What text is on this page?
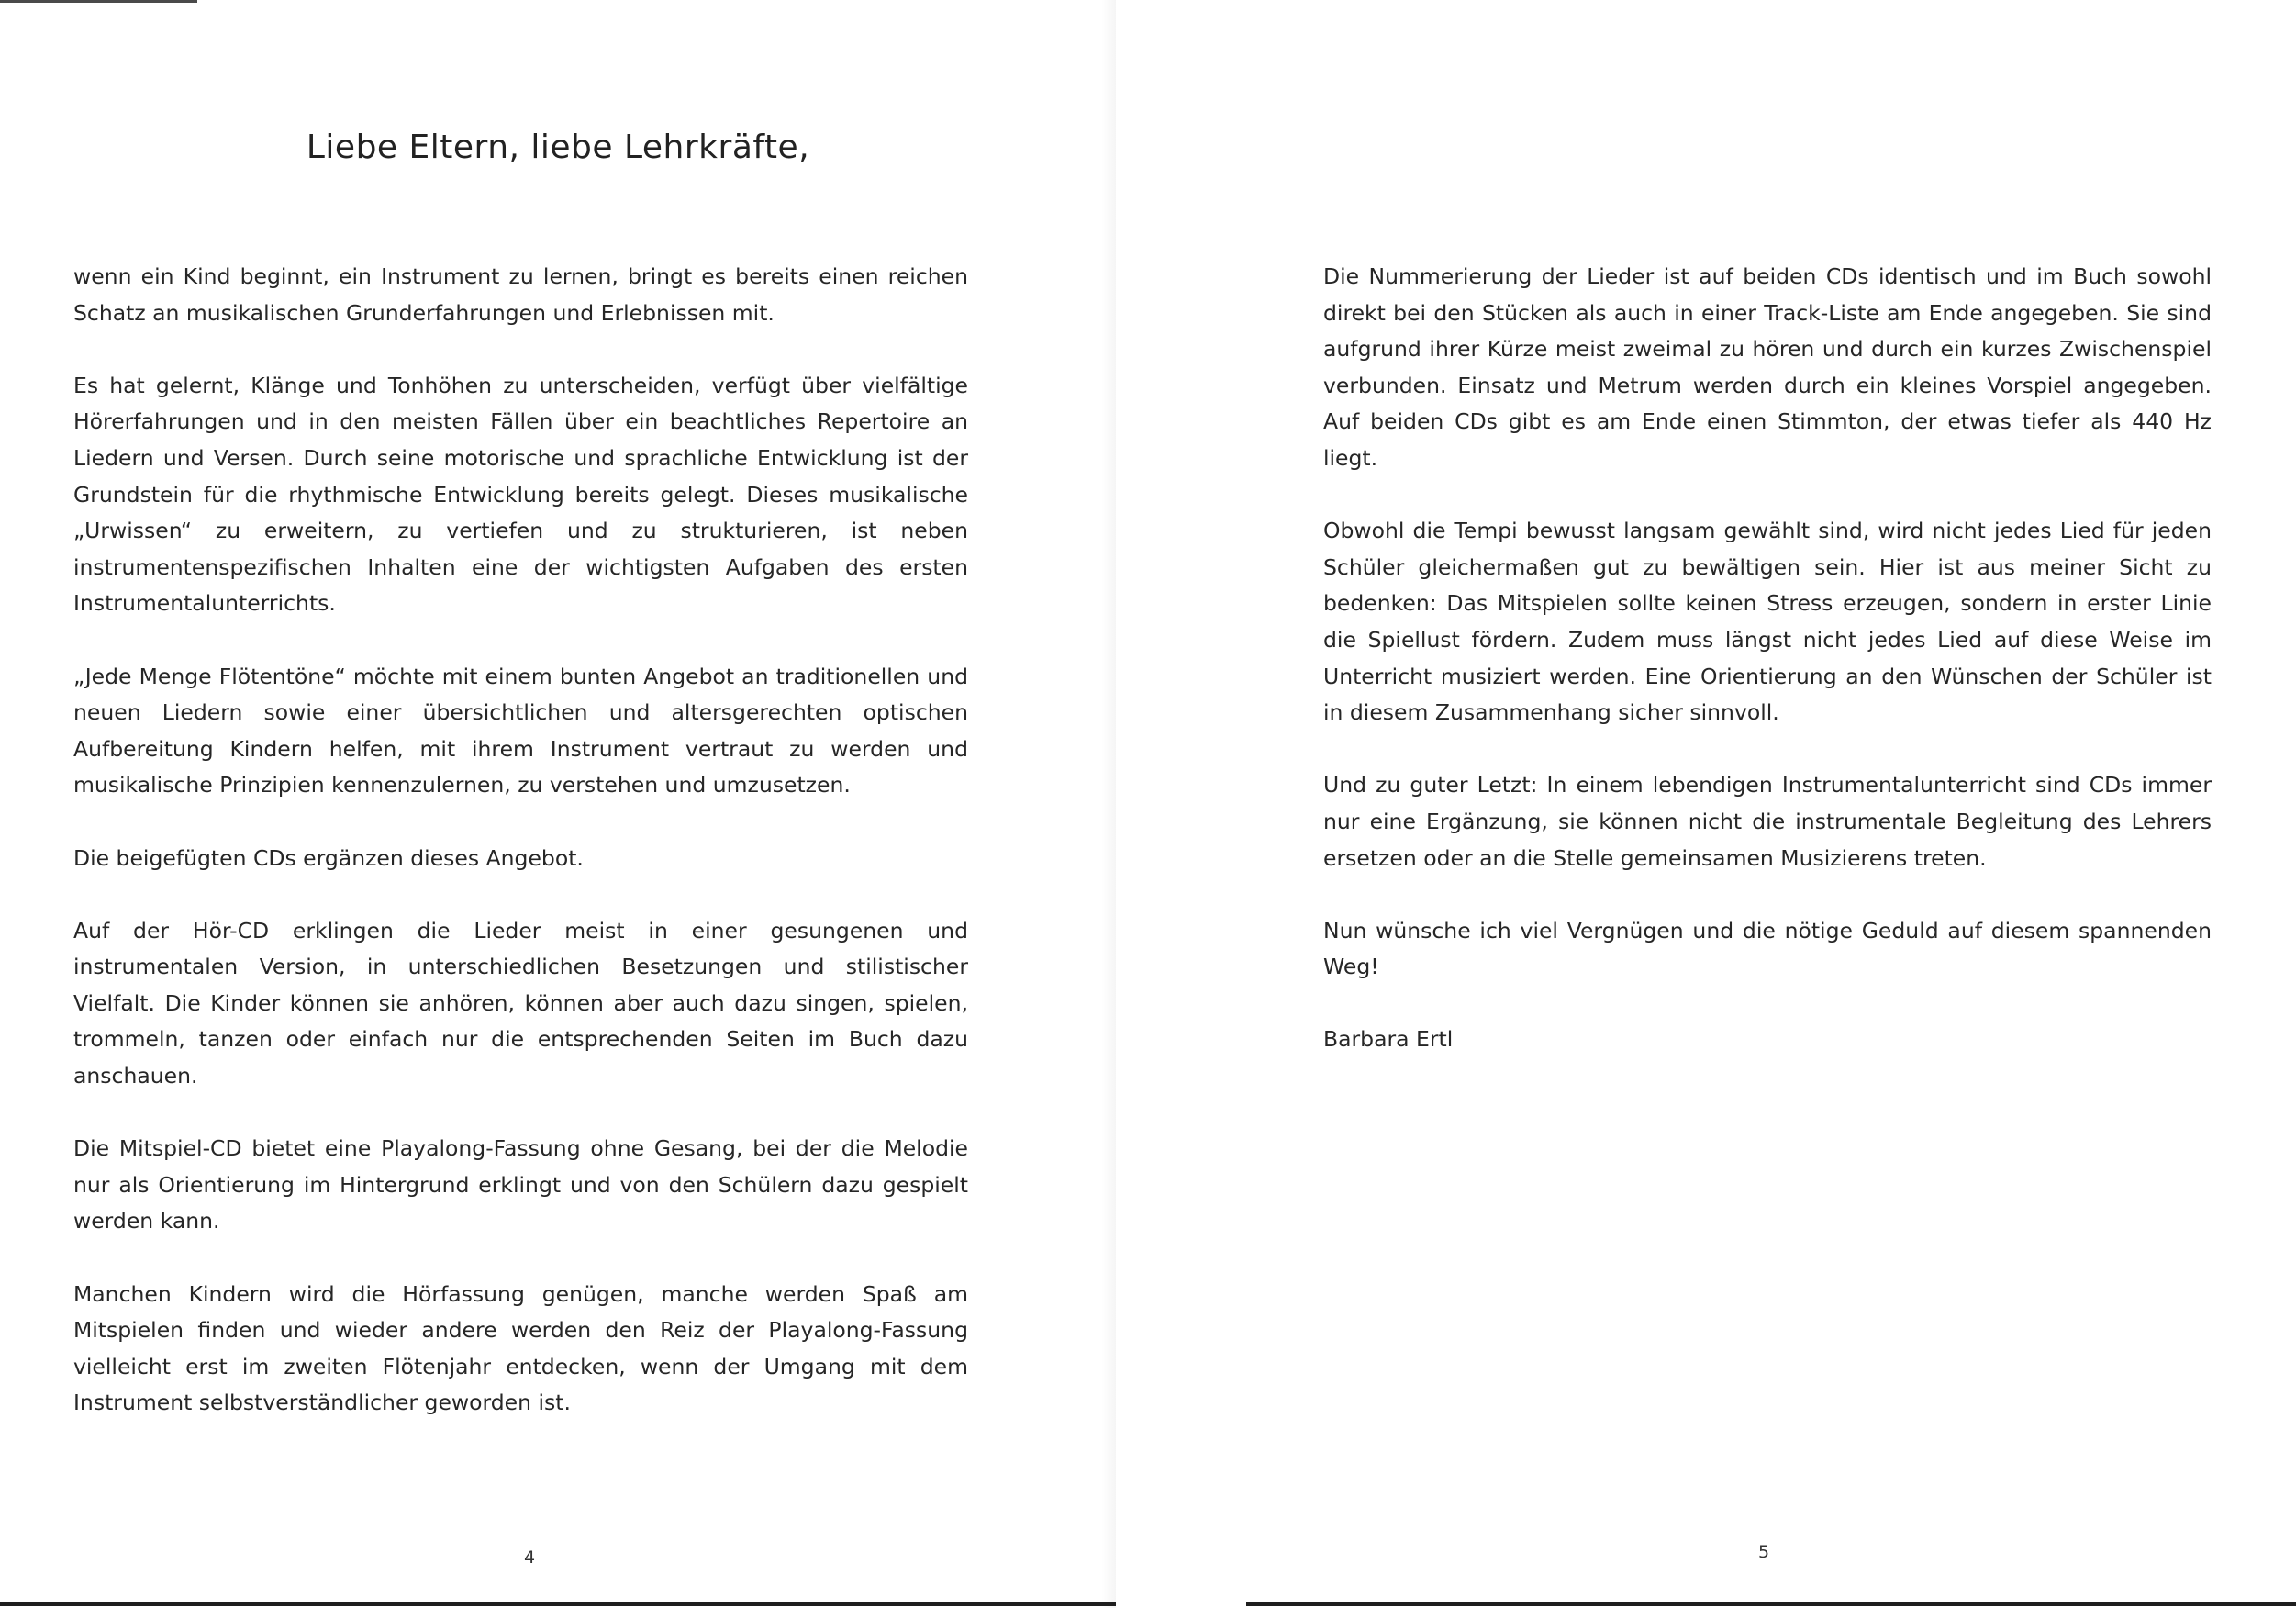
Liebe Eltern, liebe Lehrkräfte,

wenn ein Kind beginnt, ein Instrument zu lernen, bringt es bereits einen reichen Schatz an musikalischen Grunderfahrungen und Erlebnissen mit.

Es hat gelernt, Klänge und Tonhöhen zu unterscheiden, verfügt über vielfältige Hörerfahrungen und in den meisten Fällen über ein beachtliches Repertoire an Liedern und Versen. Durch seine motorische und sprachliche Entwicklung ist der Grundstein für die rhythmische Entwicklung bereits gelegt. Dieses musikalische „Urwissen“ zu erweitern, zu vertiefen und zu strukturieren, ist neben instrumentenspezifischen Inhalten eine der wichtigsten Aufgaben des ersten Instrumentalunterrichts.

„Jede Menge Flötentöne“ möchte mit einem bunten Angebot an traditionellen und neuen Liedern sowie einer übersichtlichen und altersgerechten optischen Aufbereitung Kindern helfen, mit ihrem Instrument vertraut zu werden und musikalische Prinzipien kennenzulernen, zu verstehen und umzusetzen.

Die beigefügten CDs ergänzen dieses Angebot.

Auf der Hör-CD erklingen die Lieder meist in einer gesungenen und instrumentalen Version, in unterschiedlichen Besetzungen und stilistischer Vielfalt. Die Kinder können sie anhören, können aber auch dazu singen, spielen, trommeln, tanzen oder einfach nur die entsprechenden Seiten im Buch dazu anschauen.

Die Mitspiel-CD bietet eine Playalong-Fassung ohne Gesang, bei der die Melodie nur als Orientierung im Hintergrund erklingt und von den Schülern dazu gespielt werden kann.

Manchen Kindern wird die Hörfassung genügen, manche werden Spaß am Mitspielen finden und wieder andere werden den Reiz der Playalong-Fassung vielleicht erst im zweiten Flötenjahr entdecken, wenn der Umgang mit dem Instrument selbstverständlicher geworden ist.

4

Die Nummerierung der Lieder ist auf beiden CDs identisch und im Buch sowohl direkt bei den Stücken als auch in einer Track-Liste am Ende angegeben. Sie sind aufgrund ihrer Kürze meist zweimal zu hören und durch ein kurzes Zwischenspiel verbunden. Einsatz und Metrum werden durch ein kleines Vorspiel angegeben. Auf beiden CDs gibt es am Ende einen Stimmton, der etwas tiefer als 440 Hz liegt.

Obwohl die Tempi bewusst langsam gewählt sind, wird nicht jedes Lied für jeden Schüler gleichermaßen gut zu bewältigen sein. Hier ist aus meiner Sicht zu bedenken: Das Mitspielen sollte keinen Stress erzeugen, sondern in erster Linie die Spiellust fördern. Zudem muss längst nicht jedes Lied auf diese Weise im Unterricht musiziert werden. Eine Orientierung an den Wünschen der Schüler ist in diesem Zusammenhang sicher sinnvoll.

Und zu guter Letzt: In einem lebendigen Instrumentalunterricht sind CDs immer nur eine Ergänzung, sie können nicht die instrumentale Begleitung des Lehrers ersetzen oder an die Stelle gemeinsamen Musizierens treten.

Nun wünsche ich viel Vergnügen und die nötige Geduld auf diesem spannenden Weg!

Barbara Ertl

5
